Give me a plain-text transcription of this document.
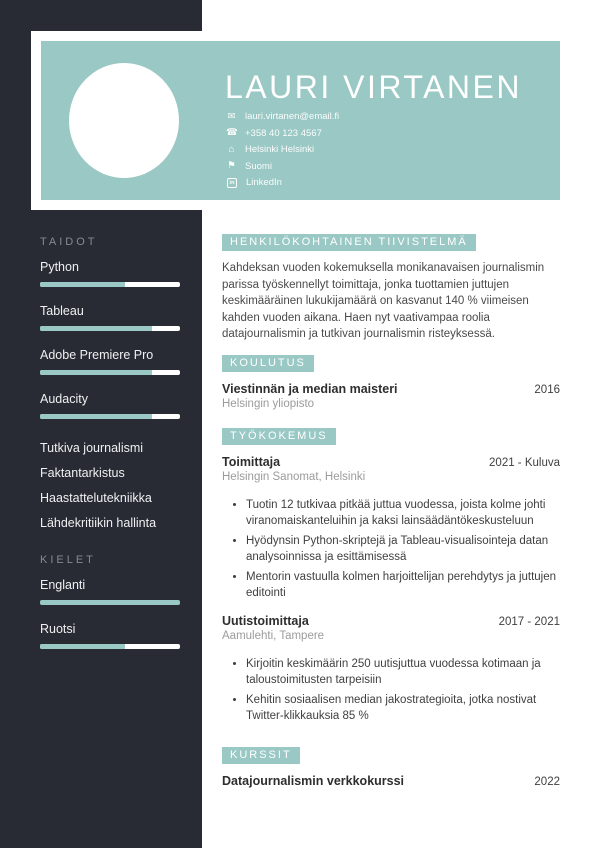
TAIDOT
Python
Tableau
Adobe Premiere Pro
Audacity
Tutkiva journalismi
Faktantarkistus
Haastattelutekniikka
Lähdekritiikin hallinta
KIELET
Englanti
Ruotsi
LAURI VIRTANEN
✉ lauri.virtanen@email.fi
☎ +358 40 123 4567
⌂ Helsinki Helsinki
⚑ Suomi
in LinkedIn
HENKILÖKOHTAINEN TIIVISTELMÄ
Kahdeksan vuoden kokemuksella monikanavaisen journalismin parissa työskennellyt toimittaja, jonka tuottamien juttujen keskimääräinen lukukijamäärä on kasvanut 140 % viimeisen kahden vuoden aikana. Haen nyt vaativampaa roolia datajournalismin ja tutkivan journalismin risteyksessä.
KOULUTUS
Viestinnän ja median maisteri	2016
Helsingin yliopisto
TYÖKOKEMUS
Toimittaja	2021 - Kuluva
Helsingin Sanomat, Helsinki
• Tuotin 12 tutkivaa pitkää juttua vuodessa, joista kolme johti viranomaiskanteluihin ja kaksi lainsäädäntökeskusteluun
• Hyödynsin Python-skriptejä ja Tableau-visualisointeja datan analysoinnissa ja esittämisessä
• Mentorin vastuulla kolmen harjoittelijan perehdytys ja juttujen editointi
Uutistoimittaja	2017 - 2021
Aamulehti, Tampere
• Kirjoitin keskimäärin 250 uutisjuttua vuodessa kotimaan ja taloustoimitusten tarpeisiin
• Kehitin sosiaalisen median jakostrategioita, jotka nostivat Twitter-klikkauksia 85 %
KURSSIT
Datajournalismin verkkokurssi	2022
